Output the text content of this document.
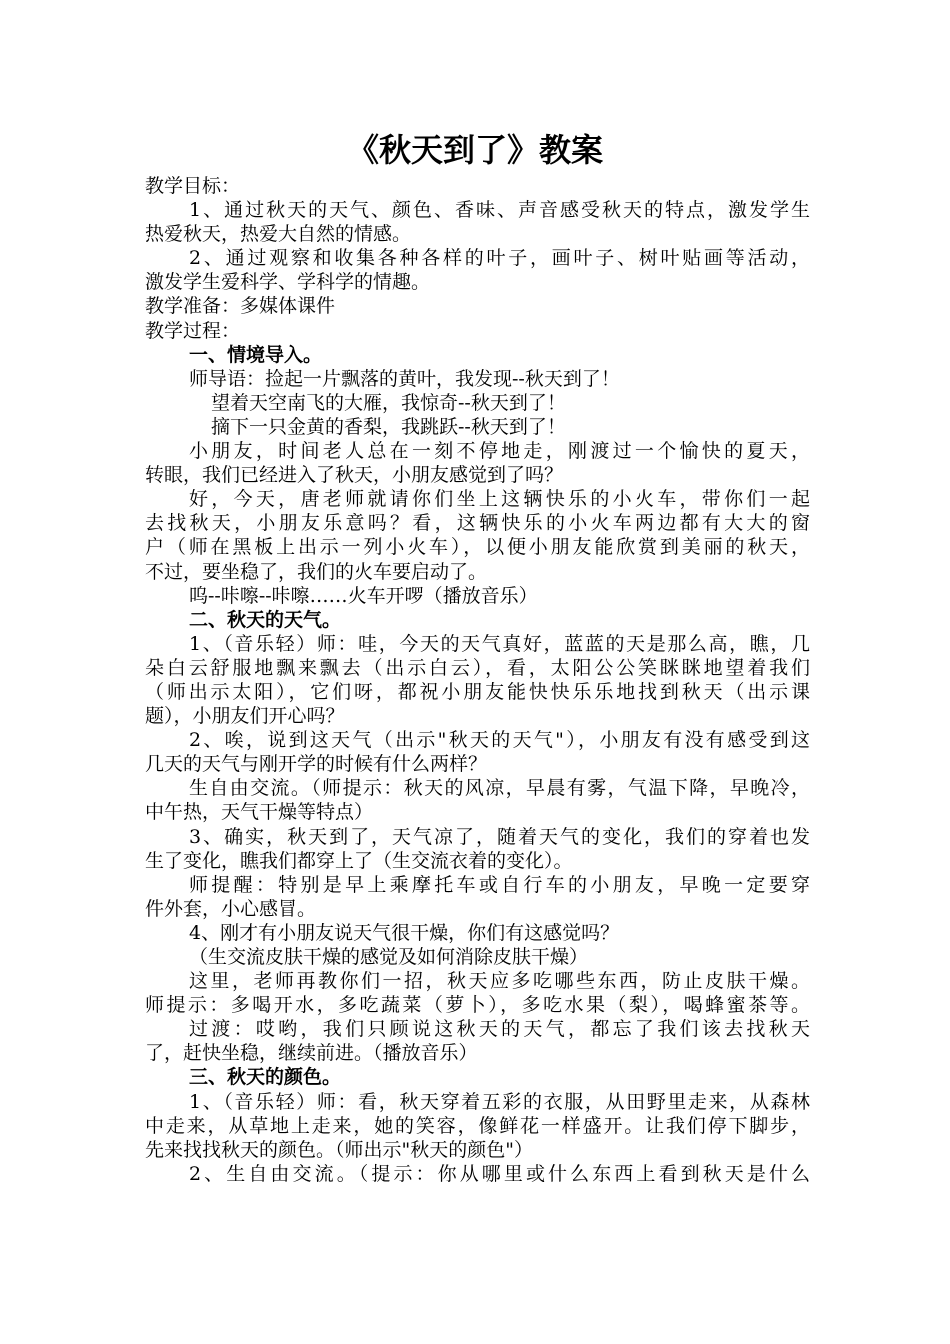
《秋天到了》教案
教学目标：
1、通过秋天的天气、颜色、香味、声音感受秋天的特点，激发学生
热爱秋天，热爱大自然的情感。
2、通过观察和收集各种各样的叶子，画叶子、树叶贴画等活动，
激发学生爱科学、学科学的情趣。
教学准备：多媒体课件
教学过程：
一、情境导入。
师导语：捡起一片飘落的黄叶，我发现--秋天到了！
望着天空南飞的大雁，我惊奇--秋天到了！
摘下一只金黄的香梨，我跳跃--秋天到了！
小朋友，时间老人总在一刻不停地走，刚渡过一个愉快的夏天，
转眼，我们已经进入了秋天，小朋友感觉到了吗？
好，今天，唐老师就请你们坐上这辆快乐的小火车，带你们一起
去找秋天，小朋友乐意吗？看，这辆快乐的小火车两边都有大大的窗
户（师在黑板上出示一列小火车），以便小朋友能欣赏到美丽的秋天，
不过，要坐稳了，我们的火车要启动了。
呜--咔嚓--咔嚓……火车开啰（播放音乐）
二、秋天的天气。
1、（音乐轻）师：哇，今天的天气真好，蓝蓝的天是那么高，瞧，几
朵白云舒服地飘来飘去（出示白云），看，太阳公公笑眯眯地望着我们
（师出示太阳），它们呀，都祝小朋友能快快乐乐地找到秋天（出示课
题），小朋友们开心吗？
2、唉，说到这天气（出示"秋天的天气"），小朋友有没有感受到这
几天的天气与刚开学的时候有什么两样？
生自由交流。（师提示：秋天的风凉，早晨有雾，气温下降，早晚冷，
中午热，天气干燥等特点）
3、确实，秋天到了，天气凉了，随着天气的变化，我们的穿着也发
生了变化，瞧我们都穿上了（生交流衣着的变化）。
师提醒：特别是早上乘摩托车或自行车的小朋友，早晚一定要穿
件外套，小心感冒。
4、刚才有小朋友说天气很干燥，你们有这感觉吗？
（生交流皮肤干燥的感觉及如何消除皮肤干燥）
这里，老师再教你们一招，秋天应多吃哪些东西，防止皮肤干燥。
师提示：多喝开水，多吃蔬菜（萝卜），多吃水果（梨），喝蜂蜜茶等。
过渡：哎哟，我们只顾说这秋天的天气，都忘了我们该去找秋天
了，赶快坐稳，继续前进。（播放音乐）
三、秋天的颜色。
1、（音乐轻）师：看，秋天穿着五彩的衣服，从田野里走来，从森林
中走来，从草地上走来，她的笑容，像鲜花一样盛开。让我们停下脚步，
先来找找秋天的颜色。（师出示"秋天的颜色"）
2、生自由交流。（提示：你从哪里或什么东西上看到秋天是什么
